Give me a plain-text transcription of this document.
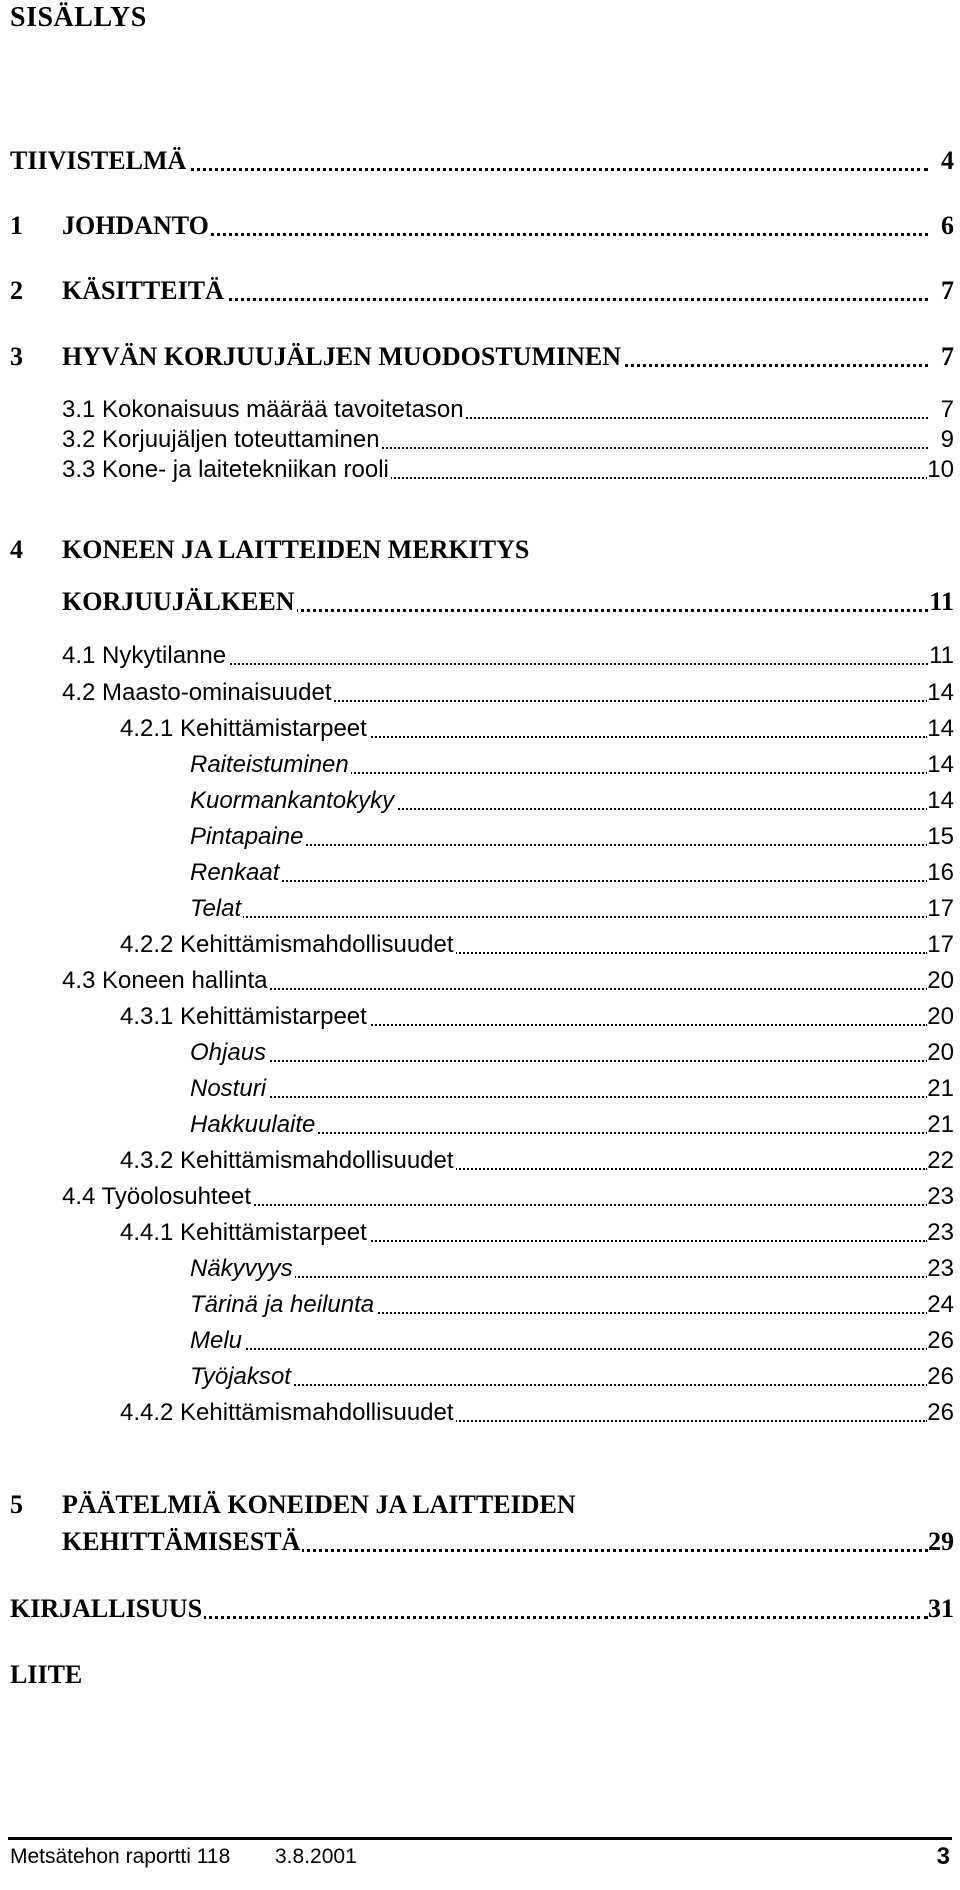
SISÄLLYS
TIIVISTELMÄ	4
1 JOHDANTO	6
2 KÄSITTEITÄ	7
3 HYVÄN KORJUUJÄLJEN MUODOSTUMINEN	7
3.1 Kokonaisuus määrää tavoitetason	7
3.2 Korjuujäljen toteuttaminen	9
3.3 Kone- ja laitetekniikan rooli	10
4 KONEEN JA LAITTEIDEN MERKITYS
KORJUUJÄLKEEN	11
4.1 Nykytilanne	11
4.2 Maasto-ominaisuudet	14
4.2.1 Kehittämistarpeet	14
Raiteistuminen	14
Kuormankantokyky	14
Pintapaine	15
Renkaat	16
Telat	17
4.2.2 Kehittämismahdollisuudet	17
4.3 Koneen hallinta	20
4.3.1 Kehittämistarpeet	20
Ohjaus	20
Nosturi	21
Hakkuulaite	21
4.3.2 Kehittämismahdollisuudet	22
4.4 Työolosuhteet	23
4.4.1 Kehittämistarpeet	23
Näkyvyys	23
Tärinä ja heilunta	24
Melu	26
Työjaksot	26
4.4.2 Kehittämismahdollisuudet	26
5 PÄÄTELMIÄ KONEIDEN JA LAITTEIDEN
KEHITTÄMISESTÄ	29
KIRJALLISUUS	31
LIITE
Metsätehon raportti 118 3.8.2001	3
